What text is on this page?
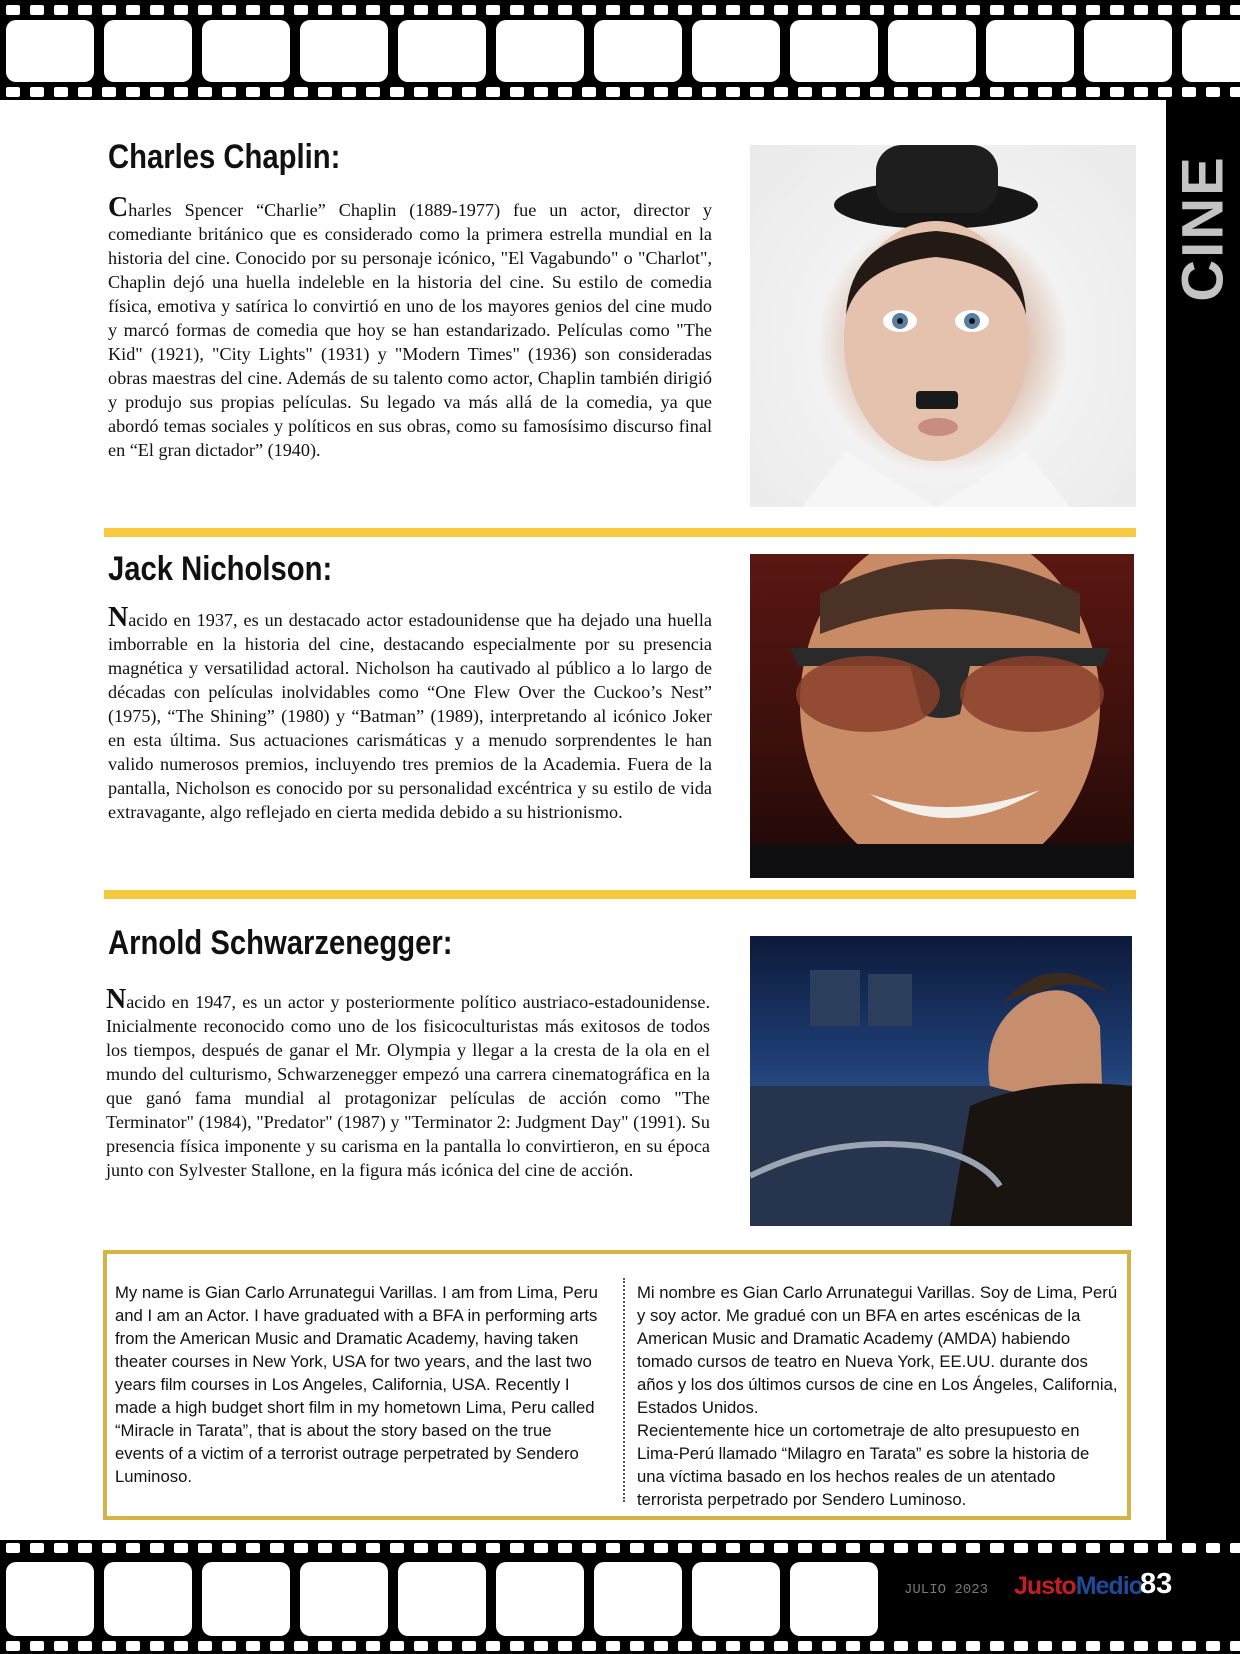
CINE
Charles Chaplin:

Charles Spencer “Charlie” Chaplin (1889-1977) fue un actor, director y comediante británico que es considerado como la primera estrella mundial en la historia del cine. Conocido por su personaje icónico, "El Vagabundo" o "Charlot", Chaplin dejó una huella indeleble en la historia del cine. Su estilo de comedia física, emotiva y satírica lo convirtió en uno de los mayores genios del cine mudo y marcó formas de comedia que hoy se han estandarizado. Películas como "The Kid" (1921), "City Lights" (1931) y "Modern Times" (1936) son consideradas obras maestras del cine. Además de su talento como actor, Chaplin también dirigió y produjo sus propias películas. Su legado va más allá de la comedia, ya que abordó temas sociales y políticos en sus obras, como su famosísimo discurso final en “El gran dictador” (1940).

Jack Nicholson:

Nacido en 1937, es un destacado actor estadounidense que ha dejado una huella imborrable en la historia del cine, destacando especialmente por su presencia magnética y versatilidad actoral. Nicholson ha cautivado al público a lo largo de décadas con películas inolvidables como “One Flew Over the Cuckoo’s Nest” (1975), “The Shining” (1980) y “Batman” (1989), interpretando al icónico Joker en esta última. Sus actuaciones carismáticas y a menudo sorprendentes le han valido numerosos premios, incluyendo tres premios de la Academia. Fuera de la pantalla, Nicholson es conocido por su personalidad excéntrica y su estilo de vida extravagante, algo reflejado en cierta medida debido a su histrionismo.

Arnold Schwarzenegger:

Nacido en 1947, es un actor y posteriormente político austriaco-estadounidense. Inicialmente reconocido como uno de los fisicoculturistas más exitosos de todos los tiempos, después de ganar el Mr. Olympia y llegar a la cresta de la ola en el mundo del culturismo, Schwarzenegger empezó una carrera cinematográfica en la que ganó fama mundial al protagonizar películas de acción como "The Terminator" (1984), "Predator" (1987) y "Terminator 2: Judgment Day" (1991). Su presencia física imponente y su carisma en la pantalla lo convirtieron, en su época junto con Sylvester Stallone, en la figura más icónica del cine de acción.

My name is Gian Carlo Arrunategui Varillas. I am from Lima, Peru and I am an Actor. I have graduated with a BFA in performing arts from the American Music and Dramatic Academy, having taken theater courses in New York, USA for two years, and the last two years film courses in Los Angeles, California, USA. Recently I made a high budget short film in my hometown Lima, Peru called “Miracle in Tarata”, that is about the story based on the true events of a victim of a terrorist outrage perpetrated by Sendero Luminoso.

Mi nombre es Gian Carlo Arrunategui Varillas. Soy de Lima, Perú y soy actor. Me gradué con un BFA en artes escénicas de la American Music and Dramatic Academy (AMDA) habiendo tomado cursos de teatro en Nueva York, EE.UU. durante dos años y los dos últimos cursos de cine en Los Ángeles, California, Estados Unidos.
Recientemente hice un cortometraje de alto presupuesto en Lima-Perú llamado “Milagro en Tarata” es sobre la historia de una víctima basado en los hechos reales de un atentado terrorista perpetrado por Sendero Luminoso.
JULIO 2023 JustoMedio
83
